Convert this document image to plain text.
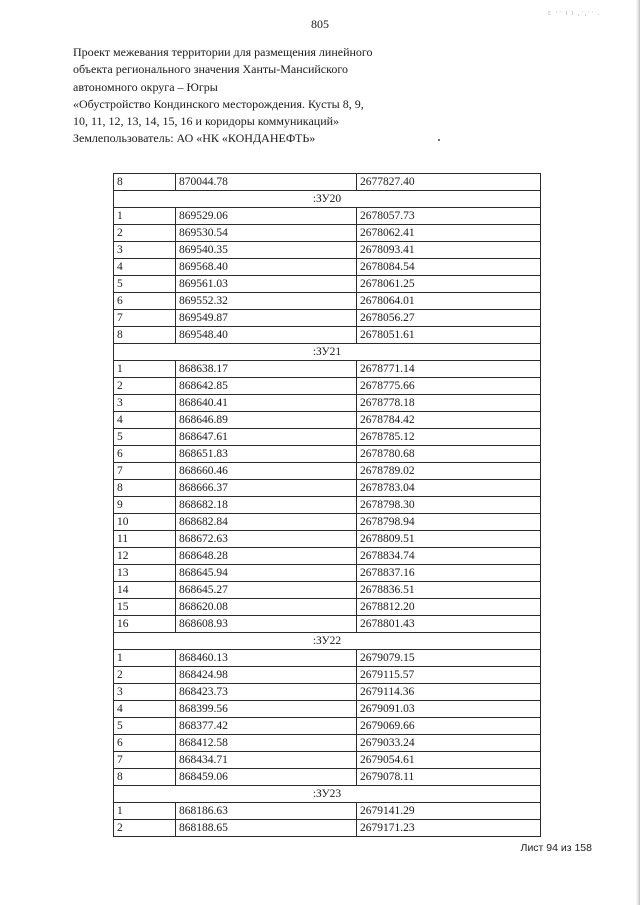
ԑ ·· ι ι ,·,·· .
805
Проект межевания территории для размещения линейного
объекта регионального значения Ханты-Мансийского
автономного округа – Югры
«Обустройство Кондинского месторождения. Кусты 8, 9,
10, 11, 12, 13, 14, 15, 16 и коридоры коммуникаций»
Землепользователь: АО «НК «КОНДАНЕФТЬ»
8	870044.78	2677827.40
:ЗУ20		
1	869529.06	2678057.73
2	869530.54	2678062.41
3	869540.35	2678093.41
4	869568.40	2678084.54
5	869561.03	2678061.25
6	869552.32	2678064.01
7	869549.87	2678056.27
8	869548.40	2678051.61
:ЗУ21		
1	868638.17	2678771.14
2	868642.85	2678775.66
3	868640.41	2678778.18
4	868646.89	2678784.42
5	868647.61	2678785.12
6	868651.83	2678780.68
7	868660.46	2678789.02
8	868666.37	2678783.04
9	868682.18	2678798.30
10	868682.84	2678798.94
11	868672.63	2678809.51
12	868648.28	2678834.74
13	868645.94	2678837.16
14	868645.27	2678836.51
15	868620.08	2678812.20
16	868608.93	2678801.43
:ЗУ22		
1	868460.13	2679079.15
2	868424.98	2679115.57
3	868423.73	2679114.36
4	868399.56	2679091.03
5	868377.42	2679069.66
6	868412.58	2679033.24
7	868434.71	2679054.61
8	868459.06	2679078.11
:ЗУ23		
1	868186.63	2679141.29
2	868188.65	2679171.23
Лист 94 из 158
